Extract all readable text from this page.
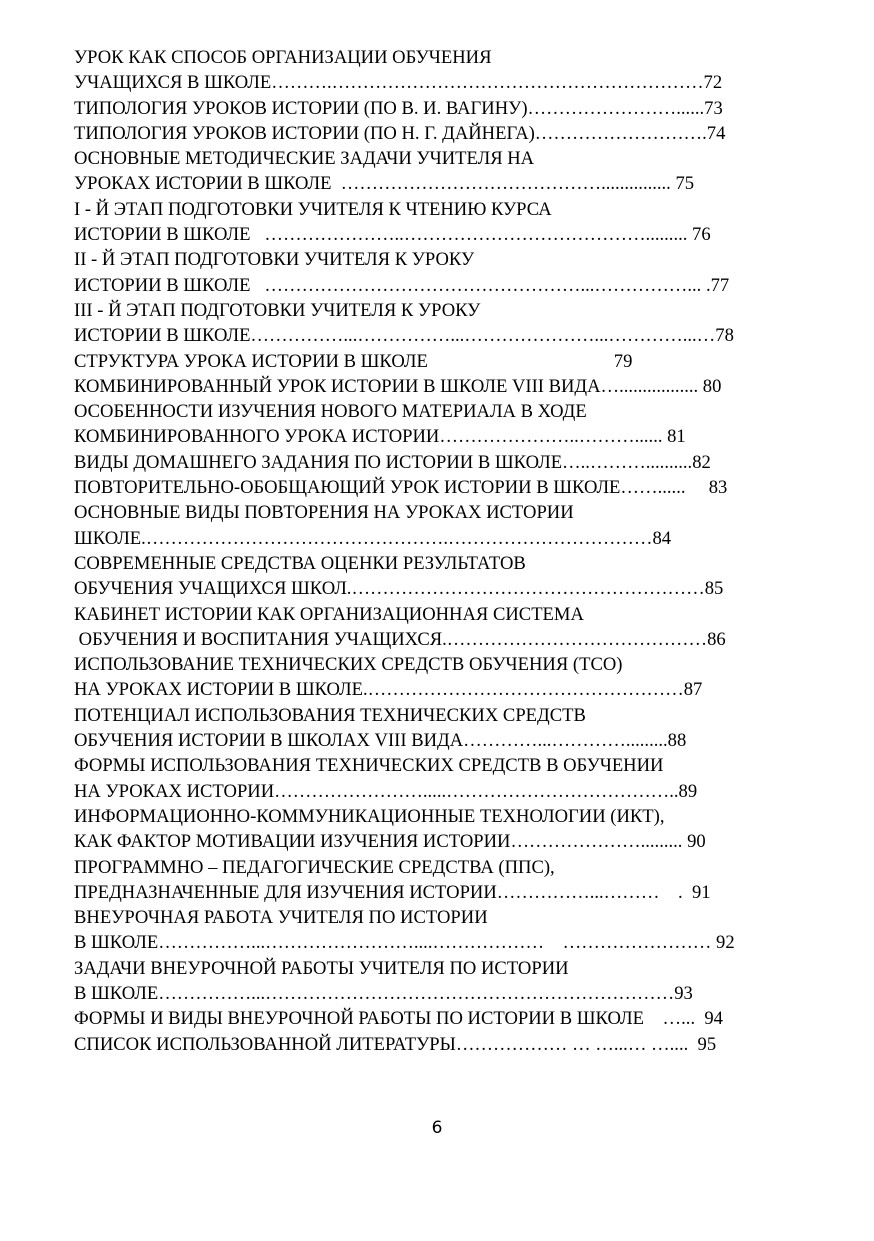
УРОК КАК СПОСОБ ОРГАНИЗАЦИИ ОБУЧЕНИЯ
УЧАЩИХСЯ В ШКОЛЕ……….……………………………………………………72
ТИПОЛОГИЯ УРОКОВ ИСТОРИИ (ПО В. И. ВАГИНУ)……………………......73
ТИПОЛОГИЯ УРОКОВ ИСТОРИИ (ПО Н. Г. ДАЙНЕГА)……………………….74
ОСНОВНЫЕ МЕТОДИЧЕСКИЕ ЗАДАЧИ УЧИТЕЛЯ НА
УРОКАХ ИСТОРИИ В ШКОЛЕ  ……………………………………............... 75
I - Й ЭТАП ПОДГОТОВКИ УЧИТЕЛЯ К ЧТЕНИЮ КУРСА
ИСТОРИИ В ШКОЛЕ   …………………..…………………………………......... 76
II - Й ЭТАП ПОДГОТОВКИ УЧИТЕЛЯ К УРОКУ
ИСТОРИИ В ШКОЛЕ   ……………………………………………...……………... .77
III - Й ЭТАП ПОДГОТОВКИ УЧИТЕЛЯ К УРОКУ
ИСТОРИИ В ШКОЛЕ……………...……………...…………………...…………...…78
СТРУКТУРА УРОКА ИСТОРИИ В ШКОЛЕ                                        79
КОМБИНИРОВАННЫЙ УРОК ИСТОРИИ В ШКОЛЕ VIII ВИДА…................. 80
ОСОБЕННОСТИ ИЗУЧЕНИЯ НОВОГО МАТЕРИАЛА В ХОДЕ
КОМБИНИРОВАННОГО УРОКА ИСТОРИИ…………………..………...... 81
ВИДЫ ДОМАШНЕГО ЗАДАНИЯ ПО ИСТОРИИ В ШКОЛЕ…..………..........82
ПОВТОРИТЕЛЬНО-ОБОБЩАЮЩИЙ УРОК ИСТОРИИ В ШКОЛЕ……......     83
ОСНОВНЫЕ ВИДЫ ПОВТОРЕНИЯ НА УРОКАХ ИСТОРИИ
ШКОЛЕ.………………………………………….……………………………84
СОВРЕМЕННЫЕ СРЕДСТВА ОЦЕНКИ РЕЗУЛЬТАТОВ
ОБУЧЕНИЯ УЧАЩИХСЯ ШКОЛ.…………………………………………………85
КАБИНЕТ ИСТОРИИ КАК ОРГАНИЗАЦИОННАЯ СИСТЕМА
ОБУЧЕНИЯ И ВОСПИТАНИЯ УЧАЩИХСЯ.……………………………………86
ИСПОЛЬЗОВАНИЕ ТЕХНИЧЕСКИХ СРЕДСТВ ОБУЧЕНИЯ (ТСО)
НА УРОКАХ ИСТОРИИ В ШКОЛЕ.……………………………………………87
ПОТЕНЦИАЛ ИСПОЛЬЗОВАНИЯ ТЕХНИЧЕСКИХ СРЕДСТВ
ОБУЧЕНИЯ ИСТОРИИ В ШКОЛАХ VIII ВИДА…………...………….........88
ФОРМЫ ИСПОЛЬЗОВАНИЯ ТЕХНИЧЕСКИХ СРЕДСТВ В ОБУЧЕНИИ
НА УРОКАХ ИСТОРИИ…………………….....………………………………..89
ИНФОРМАЦИОННО-КОММУНИКАЦИОННЫЕ ТЕХНОЛОГИИ (ИКТ),
КАК ФАКТОР МОТИВАЦИИ ИЗУЧЕНИЯ ИСТОРИИ…………………......... 90
ПРОГРАММНО – ПЕДАГОГИЧЕСКИЕ СРЕДСТВА (ППС),
ПРЕДНАЗНАЧЕННЫЕ ДЛЯ ИЗУЧЕНИЯ ИСТОРИИ……………...………    .  91
ВНЕУРОЧНАЯ РАБОТА УЧИТЕЛЯ ПО ИСТОРИИ
В ШКОЛЕ……………...……………………....………………    …………………… 92
ЗАДАЧИ ВНЕУРОЧНОЙ РАБОТЫ УЧИТЕЛЯ ПО ИСТОРИИ
В ШКОЛЕ……………...…………………………………………………………93
ФОРМЫ И ВИДЫ ВНЕУРОЧНОЙ РАБОТЫ ПО ИСТОРИИ В ШКОЛЕ    …...  94
СПИСОК ИСПОЛЬЗОВАННОЙ ЛИТЕРАТУРЫ……………… … …...… …....  95
6
